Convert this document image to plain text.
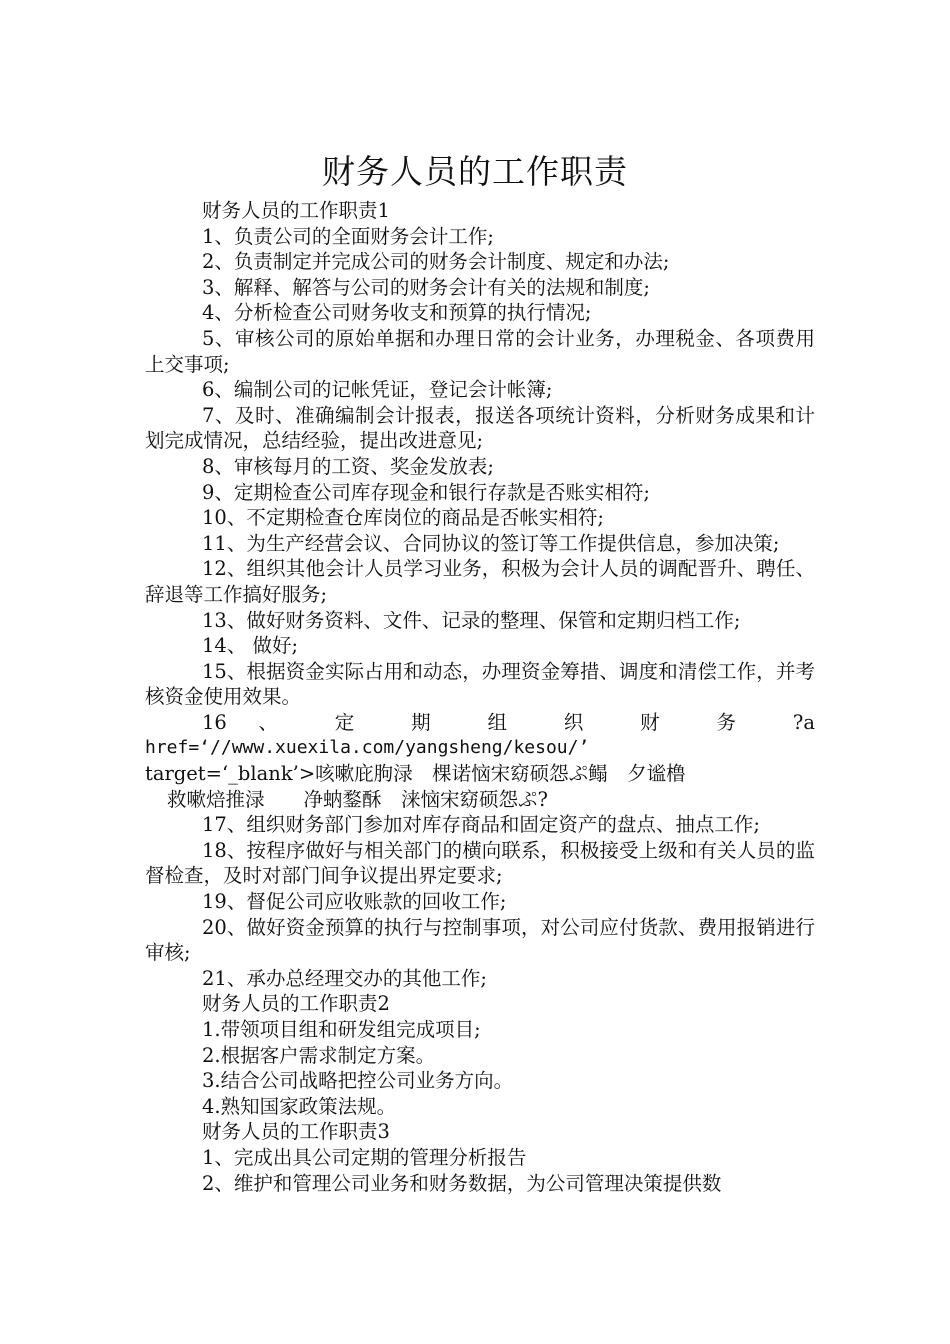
财务人员的工作职责

财务人员的工作职责1

1、负责公司的全面财务会计工作;

2、负责制定并完成公司的财务会计制度、规定和办法;

3、解释、解答与公司的财务会计有关的法规和制度;

4、分析检查公司财务收支和预算的执行情况;

5、审核公司的原始单据和办理日常的会计业务，办理税金、各项费用上交事项;

6、编制公司的记帐凭证，登记会计帐簿;

7、及时、准确编制会计报表，报送各项统计资料，分析财务成果和计划完成情况，总结经验，提出改进意见;

8、审核每月的工资、奖金发放表;

9、定期检查公司库存现金和银行存款是否账实相符;

10、不定期检查仓库岗位的商品是否帐实相符;

11、为生产经营会议、合同协议的签订等工作提供信息，参加决策;

12、组织其他会计人员学习业务，积极为会计人员的调配晋升、聘任、辞退等工作搞好服务;

13、做好财务资料、文件、记录的整理、保管和定期归档工作;

14、 做好;

15、根据资金实际占用和动态，办理资金筹措、调度和清偿工作，并考核资金使用效果。

16 、 定 期 组 织 财 务 ?a

href=‘//www.xuexila.com/yangsheng/kesou/’

target=‘_blank’>咳嗽庇朐渌　棵诺恼宋窈硕怨ぷ鳎　夕谧橹

救嗽焙推渌　　净蚋鍪酥　涞恼宋窈硕怨ぷ?

17、组织财务部门参加对库存商品和固定资产的盘点、抽点工作;

18、按程序做好与相关部门的横向联系，积极接受上级和有关人员的监督检查，及时对部门间争议提出界定要求;

19、督促公司应收账款的回收工作;

20、做好资金预算的执行与控制事项，对公司应付货款、费用报销进行审核;

21、承办总经理交办的其他工作;

财务人员的工作职责2

1.带领项目组和研发组完成项目;

2.根据客户需求制定方案。

3.结合公司战略把控公司业务方向。

4.熟知国家政策法规。

财务人员的工作职责3

1、完成出具公司定期的管理分析报告

2、维护和管理公司业务和财务数据，为公司管理决策提供数
